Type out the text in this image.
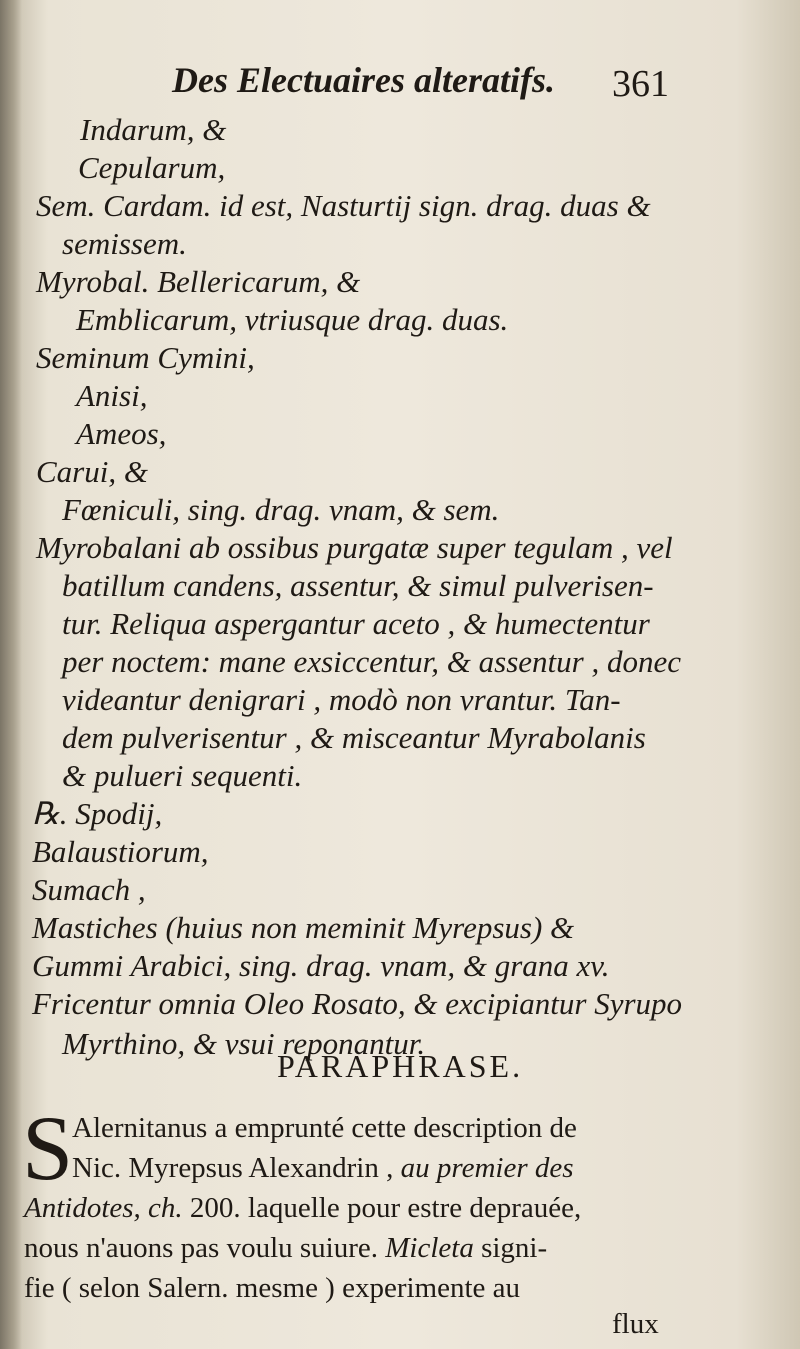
Des Electuaires alteratifs. 361
Indarum, &
Cepularum,
Sem. Cardam. id est, Nasturtij sign. drag. duas &
semissem.
Myrobal. Bellericarum, &
Emblicarum, vtriusque drag. duas.
Seminum Cymini,
Anisi,
Ameos,
Carui, &
Fœniculi, sing. drag. vnam, & sem.
Myrobalani ab ossibus purgatæ super tegulam , vel
batillum candens, assentur, & simul pulverisen-
tur. Reliqua aspergantur aceto , & humectentur
per noctem: mane exsiccentur, & assentur , donec
videantur denigrari , modò non vrantur. Tan-
dem pulverisentur , & misceantur Myrabolanis
& pulueri sequenti.
℞. Spodij,
Balaustiorum,
Sumach ,
Mastiches (huius non meminit Myrepsus) &
Gummi Arabici, sing. drag. vnam, & grana xv.
Fricentur omnia Oleo Rosato, & excipiantur Syrupo
Myrthino, & vsui reponantur.
PARAPHRASE.
S
Alernitanus a emprunté cette description de
Nic. Myrepsus Alexandrin , au premier des
Antidotes, ch. 200. laquelle pour estre deprauée,
nous n'auons pas voulu suiure. Micleta signi-
fie ( selon Salern. mesme ) experimente au
flux
